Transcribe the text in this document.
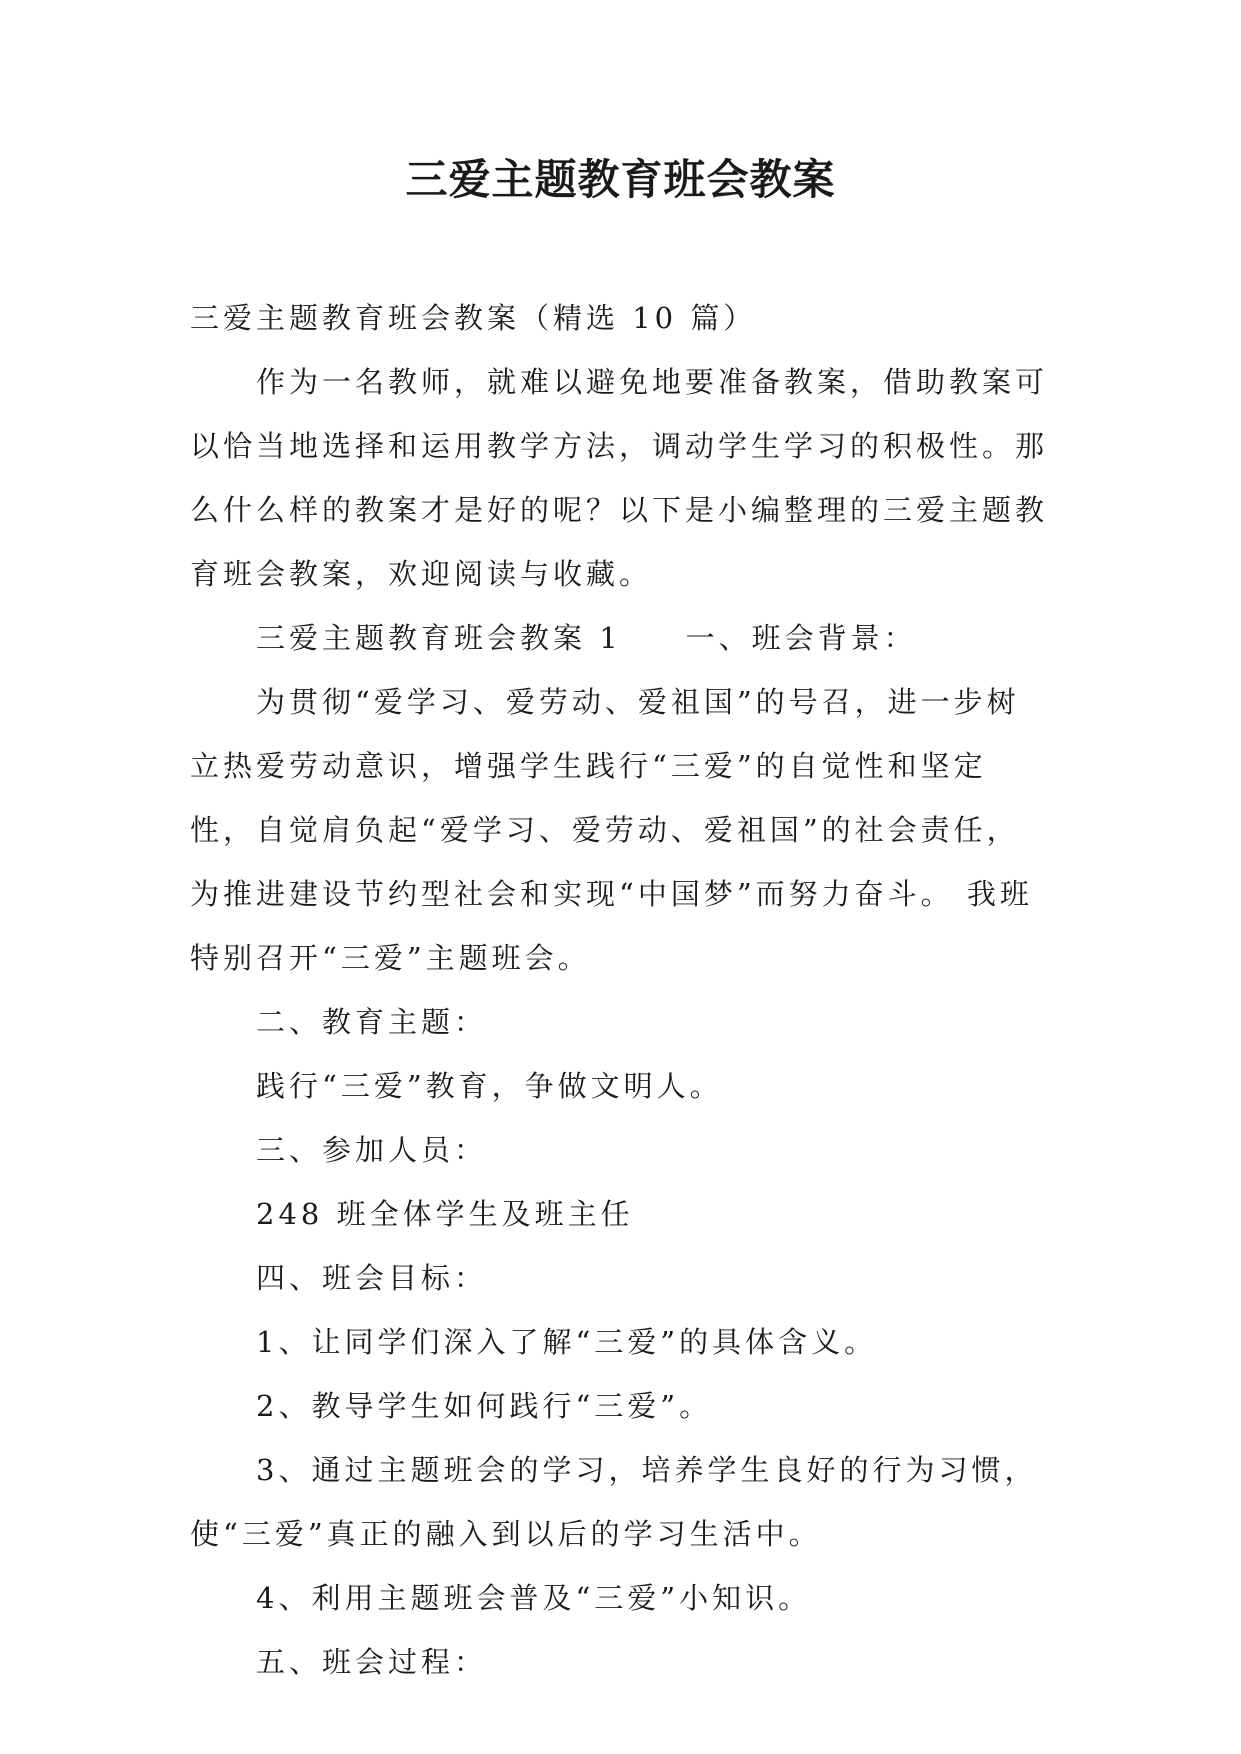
三爱主题教育班会教案

三爱主题教育班会教案（精选 10 篇）

作为一名教师，就难以避免地要准备教案，借助教案可以恰当地选择和运用教学方法，调动学生学习的积极性。那么什么样的教案才是好的呢？以下是小编整理的三爱主题教育班会教案，欢迎阅读与收藏。

三爱主题教育班会教案 1 一、班会背景：

为贯彻“爱学习、爱劳动、爱祖国”的号召，进一步树立热爱劳动意识，增强学生践行“三爱”的自觉性和坚定性，自觉肩负起“爱学习、爱劳动、爱祖国”的社会责任，为推进建设节约型社会和实现“中国梦”而努力奋斗。 我班特别召开“三爱”主题班会。

二、教育主题：

践行“三爱”教育，争做文明人。

三、参加人员：

248 班全体学生及班主任

四、班会目标：

1、让同学们深入了解“三爱”的具体含义。

2、教导学生如何践行“三爱”。

3、通过主题班会的学习，培养学生良好的行为习惯，使“三爱”真正的融入到以后的学习生活中。

4、利用主题班会普及“三爱”小知识。

五、班会过程：
